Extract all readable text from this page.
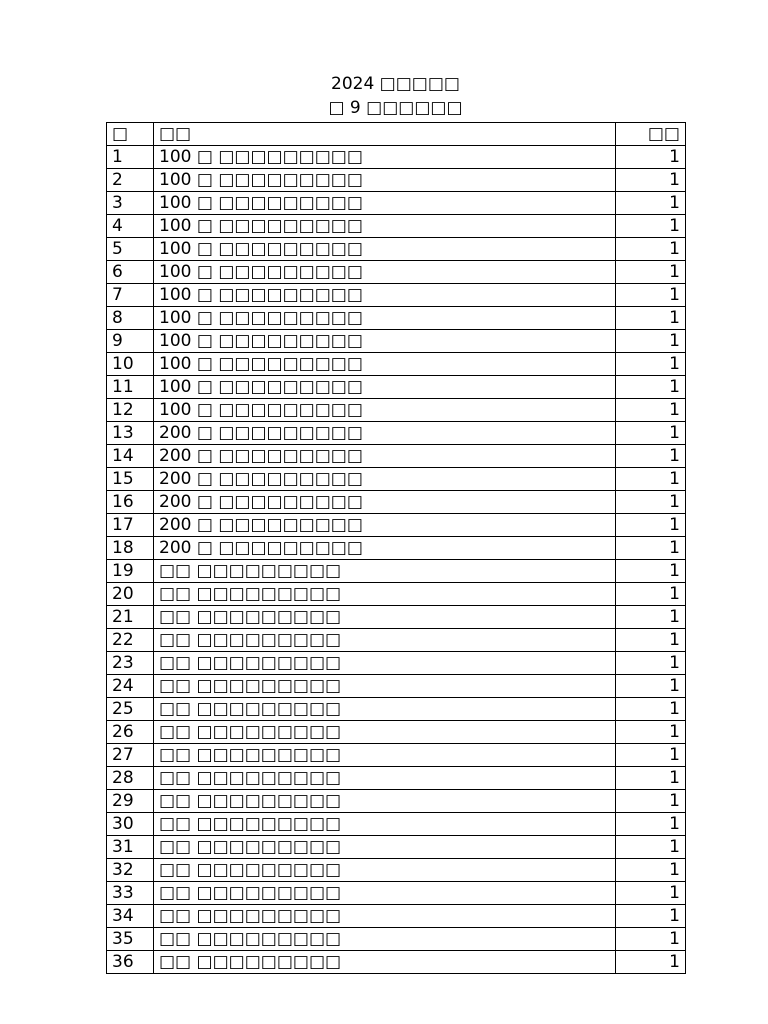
2024 □□□□□
□ 9 □□□□□□
□	□□	□□
1	100 □ □□□□□□□□□	1
2	100 □ □□□□□□□□□	1
3	100 □ □□□□□□□□□	1
4	100 □ □□□□□□□□□	1
5	100 □ □□□□□□□□□	1
6	100 □ □□□□□□□□□	1
7	100 □ □□□□□□□□□	1
8	100 □ □□□□□□□□□	1
9	100 □ □□□□□□□□□	1
10	100 □ □□□□□□□□□	1
11	100 □ □□□□□□□□□	1
12	100 □ □□□□□□□□□	1
13	200 □ □□□□□□□□□	1
14	200 □ □□□□□□□□□	1
15	200 □ □□□□□□□□□	1
16	200 □ □□□□□□□□□	1
17	200 □ □□□□□□□□□	1
18	200 □ □□□□□□□□□	1
19	□□ □□□□□□□□□	1
20	□□ □□□□□□□□□	1
21	□□ □□□□□□□□□	1
22	□□ □□□□□□□□□	1
23	□□ □□□□□□□□□	1
24	□□ □□□□□□□□□	1
25	□□ □□□□□□□□□	1
26	□□ □□□□□□□□□	1
27	□□ □□□□□□□□□	1
28	□□ □□□□□□□□□	1
29	□□ □□□□□□□□□	1
30	□□ □□□□□□□□□	1
31	□□ □□□□□□□□□	1
32	□□ □□□□□□□□□	1
33	□□ □□□□□□□□□	1
34	□□ □□□□□□□□□	1
35	□□ □□□□□□□□□	1
36	□□ □□□□□□□□□	1
